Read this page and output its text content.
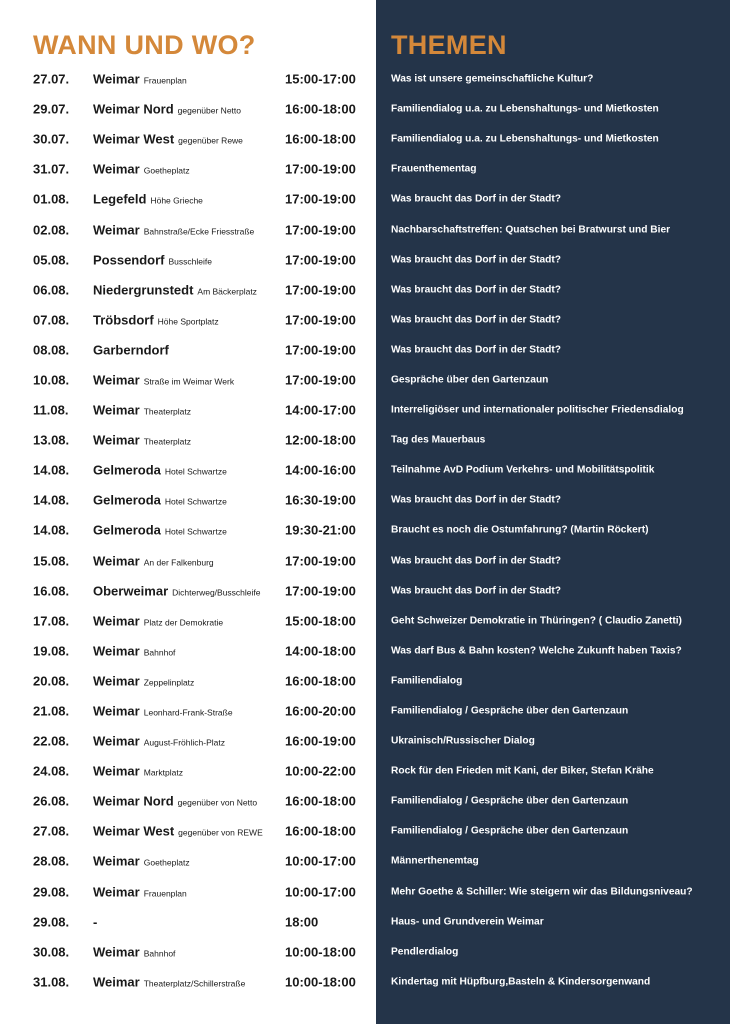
WANN UND WO?	THEMEN
27.07. Weimar Frauenplan	15:00-17:00	Was ist unsere gemeinschaftliche Kultur?
29.07. Weimar Nord gegenüber Netto	16:00-18:00	Familiendialog u.a. zu Lebenshaltungs- und Mietkosten
30.07. Weimar West gegenüber Rewe	16:00-18:00	Familiendialog u.a. zu Lebenshaltungs- und Mietkosten
31.07. Weimar Goetheplatz	17:00-19:00	Frauenthementag
01.08. Legefeld Höhe Grieche	17:00-19:00	Was braucht das Dorf in der Stadt?
02.08. Weimar Bahnstraße/Ecke Friesstraße 17:00-19:00	Nachbarschaftstreffen: Quatschen bei Bratwurst und Bier
05.08. Possendorf Busschleife	17:00-19:00	Was braucht das Dorf in der Stadt?
06.08. Niedergrunstedt Am Bäckerplatz 17:00-19:00	Was braucht das Dorf in der Stadt?
07.08. Tröbsdorf Höhe Sportplatz	17:00-19:00	Was braucht das Dorf in der Stadt?
08.08. Garberndorf	17:00-19:00	Was braucht das Dorf in der Stadt?
10.08. Weimar Straße im Weimar Werk	17:00-19:00	Gespräche über den Gartenzaun
11.08. Weimar Theaterplatz	14:00-17:00	Interreligiöser und internationaler politischer Friedensdialog
13.08. Weimar Theaterplatz	12:00-18:00	Tag des Mauerbaus
14.08. Gelmeroda Hotel Schwartze	14:00-16:00	Teilnahme AvD Podium Verkehrs- und Mobilitätspolitik
14.08. Gelmeroda Hotel Schwartze	16:30-19:00	Was braucht das Dorf in der Stadt?
14.08. Gelmeroda Hotel Schwartze	19:30-21:00	Braucht es noch die Ostumfahrung? (Martin Röckert)
15.08. Weimar An der Falkenburg	17:00-19:00	Was braucht das Dorf in der Stadt?
16.08. Oberweimar Dichterweg/Busschleife 17:00-19:00	Was braucht das Dorf in der Stadt?
17.08. Weimar Platz der Demokratie	15:00-18:00	Geht Schweizer Demokratie in Thüringen? ( Claudio Zanetti)
19.08. Weimar Bahnhof	14:00-18:00	Was darf Bus & Bahn kosten? Welche Zukunft haben Taxis?
20.08. Weimar Zeppelinplatz	16:00-18:00	Familiendialog
21.08. Weimar Leonhard-Frank-Straße	16:00-20:00	Familiendialog / Gespräche über den Gartenzaun
22.08. Weimar August-Fröhlich-Platz	16:00-19:00	Ukrainisch/Russischer Dialog
24.08. Weimar Marktplatz	10:00-22:00	Rock für den Frieden mit Kani, der Biker, Stefan Krähe
26.08. Weimar Nord gegenüber von Netto 16:00-18:00	Familiendialog / Gespräche über den Gartenzaun
27.08. Weimar West gegenüber von REWE 16:00-18:00	Familiendialog / Gespräche über den Gartenzaun
28.08. Weimar Goetheplatz	10:00-17:00	Männerthenemtag
29.08. Weimar Frauenplan	10:00-17:00	Mehr Goethe & Schiller: Wie steigern wir das Bildungsniveau?
29.08. -	18:00	Haus- und Grundverein Weimar
30.08. Weimar Bahnhof	10:00-18:00	Pendlerdialog
31.08. Weimar Theaterplatz/Schillerstraße	10:00-18:00	Kindertag mit Hüpfburg,Basteln & Kindersorgenwand
